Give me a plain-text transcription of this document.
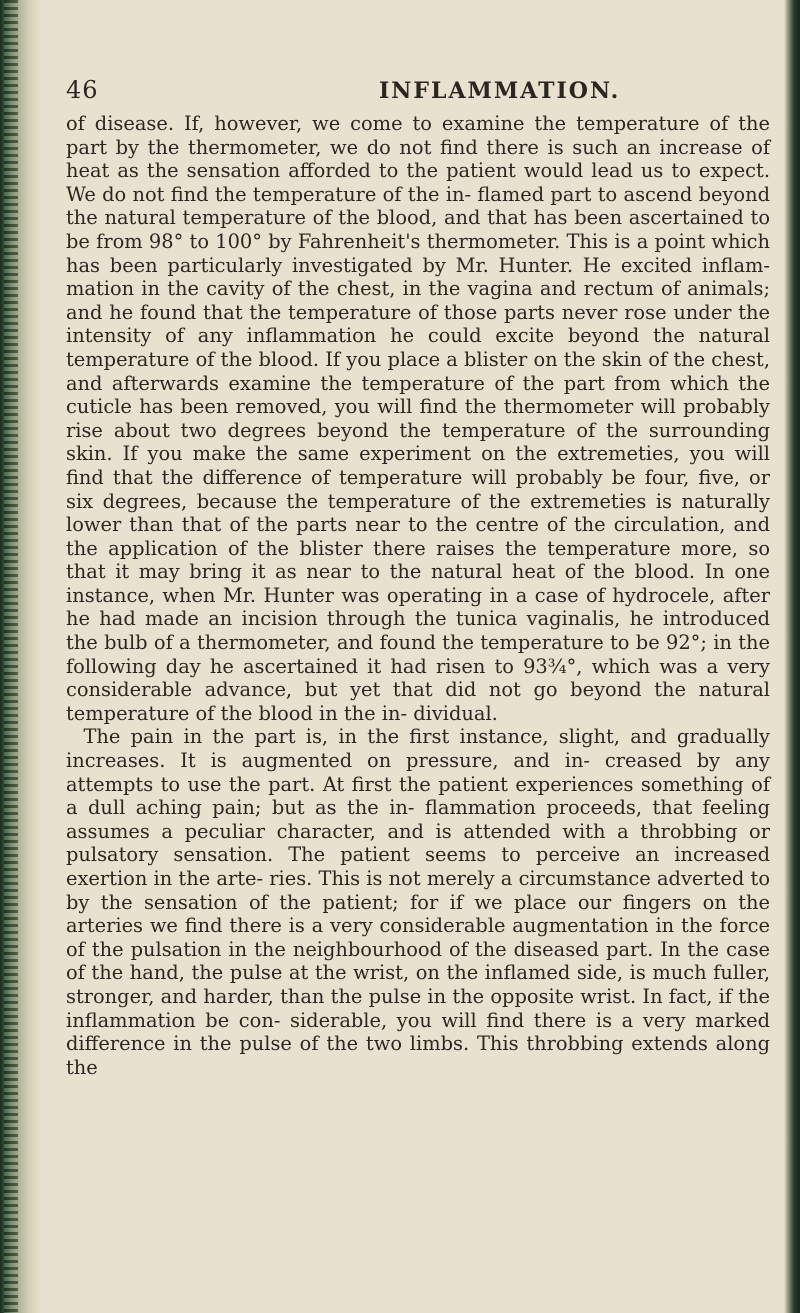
46	INFLAMMATION.

of disease. If, however, we come to examine the temperature of the part by the thermometer, we do not find there is such an increase of heat as the sensation afforded to the patient would lead us to expect. We do not find the temperature of the in- flamed part to ascend beyond the natural temperature of the blood, and that has been ascertained to be from 98° to 100° by Fahrenheit's thermometer. This is a point which has been particularly investigated by Mr. Hunter. He excited inflam- mation in the cavity of the chest, in the vagina and rectum of animals; and he found that the temperature of those parts never rose under the intensity of any inflammation he could excite beyond the natural temperature of the blood. If you place a blister on the skin of the chest, and afterwards examine the temperature of the part from which the cuticle has been removed, you will find the thermometer will probably rise about two degrees beyond the temperature of the surrounding skin. If you make the same experiment on the extremeties, you will find that the difference of temperature will probably be four, five, or six degrees, because the temperature of the extremeties is naturally lower than that of the parts near to the centre of the circulation, and the application of the blister there raises the temperature more, so that it may bring it as near to the natural heat of the blood. In one instance, when Mr. Hunter was operating in a case of hydrocele, after he had made an incision through the tunica vaginalis, he introduced the bulb of a thermometer, and found the temperature to be 92°; in the following day he ascertained it had risen to 93¾°, which was a very considerable advance, but yet that did not go beyond the natural temperature of the blood in the in- dividual.

The pain in the part is, in the first instance, slight, and gradually increases. It is augmented on pressure, and in- creased by any attempts to use the part. At first the patient experiences something of a dull aching pain; but as the in- flammation proceeds, that feeling assumes a peculiar character, and is attended with a throbbing or pulsatory sensation. The patient seems to perceive an increased exertion in the arte- ries. This is not merely a circumstance adverted to by the sensation of the patient; for if we place our fingers on the arteries we find there is a very considerable augmentation in the force of the pulsation in the neighbourhood of the diseased part. In the case of the hand, the pulse at the wrist, on the inflamed side, is much fuller, stronger, and harder, than the pulse in the opposite wrist. In fact, if the inflammation be con- siderable, you will find there is a very marked difference in the pulse of the two limbs. This throbbing extends along the
